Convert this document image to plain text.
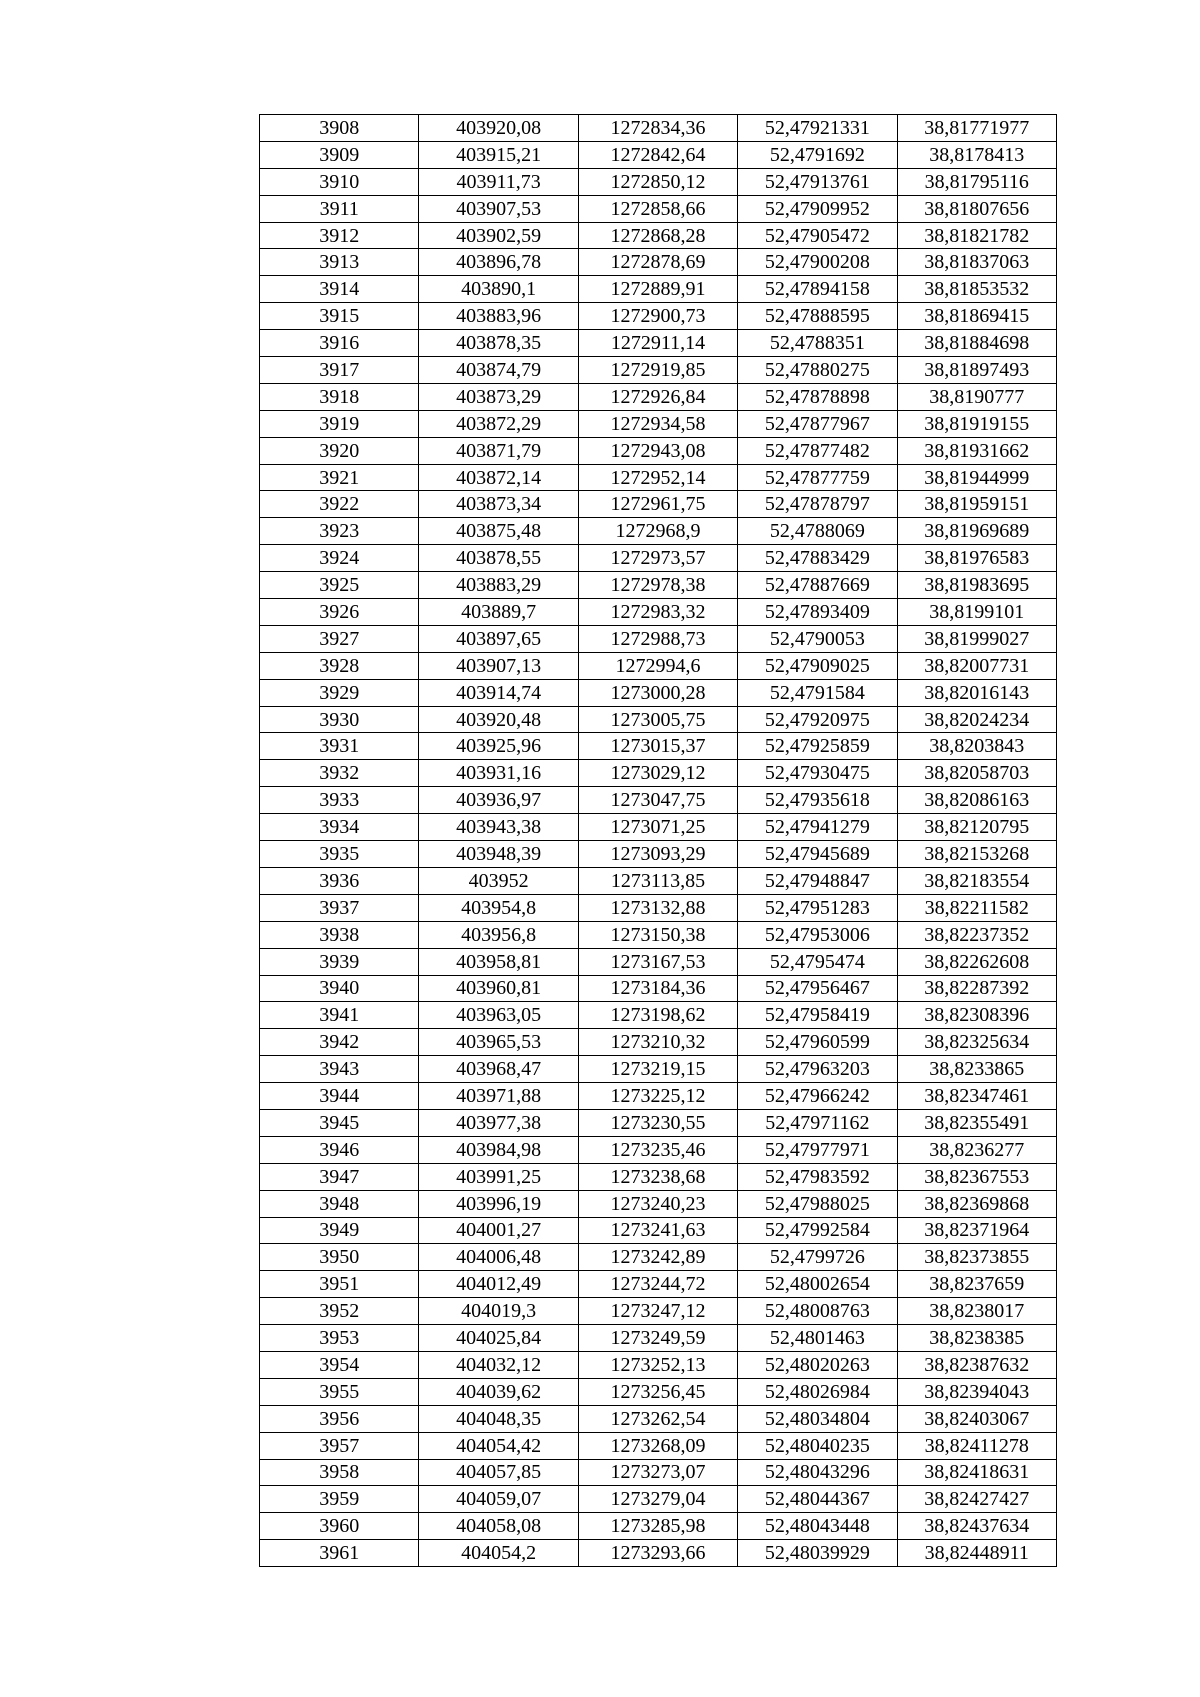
3908	403920,08	1272834,36	52,47921331	38,81771977
3909	403915,21	1272842,64	52,4791692	38,8178413
3910	403911,73	1272850,12	52,47913761	38,81795116
3911	403907,53	1272858,66	52,47909952	38,81807656
3912	403902,59	1272868,28	52,47905472	38,81821782
3913	403896,78	1272878,69	52,47900208	38,81837063
3914	403890,1	1272889,91	52,47894158	38,81853532
3915	403883,96	1272900,73	52,47888595	38,81869415
3916	403878,35	1272911,14	52,4788351	38,81884698
3917	403874,79	1272919,85	52,47880275	38,81897493
3918	403873,29	1272926,84	52,47878898	38,8190777
3919	403872,29	1272934,58	52,47877967	38,81919155
3920	403871,79	1272943,08	52,47877482	38,81931662
3921	403872,14	1272952,14	52,47877759	38,81944999
3922	403873,34	1272961,75	52,47878797	38,81959151
3923	403875,48	1272968,9	52,4788069	38,81969689
3924	403878,55	1272973,57	52,47883429	38,81976583
3925	403883,29	1272978,38	52,47887669	38,81983695
3926	403889,7	1272983,32	52,47893409	38,8199101
3927	403897,65	1272988,73	52,4790053	38,81999027
3928	403907,13	1272994,6	52,47909025	38,82007731
3929	403914,74	1273000,28	52,4791584	38,82016143
3930	403920,48	1273005,75	52,47920975	38,82024234
3931	403925,96	1273015,37	52,47925859	38,8203843
3932	403931,16	1273029,12	52,47930475	38,82058703
3933	403936,97	1273047,75	52,47935618	38,82086163
3934	403943,38	1273071,25	52,47941279	38,82120795
3935	403948,39	1273093,29	52,47945689	38,82153268
3936	403952	1273113,85	52,47948847	38,82183554
3937	403954,8	1273132,88	52,47951283	38,82211582
3938	403956,8	1273150,38	52,47953006	38,82237352
3939	403958,81	1273167,53	52,4795474	38,82262608
3940	403960,81	1273184,36	52,47956467	38,82287392
3941	403963,05	1273198,62	52,47958419	38,82308396
3942	403965,53	1273210,32	52,47960599	38,82325634
3943	403968,47	1273219,15	52,47963203	38,8233865
3944	403971,88	1273225,12	52,47966242	38,82347461
3945	403977,38	1273230,55	52,47971162	38,82355491
3946	403984,98	1273235,46	52,47977971	38,8236277
3947	403991,25	1273238,68	52,47983592	38,82367553
3948	403996,19	1273240,23	52,47988025	38,82369868
3949	404001,27	1273241,63	52,47992584	38,82371964
3950	404006,48	1273242,89	52,4799726	38,82373855
3951	404012,49	1273244,72	52,48002654	38,8237659
3952	404019,3	1273247,12	52,48008763	38,8238017
3953	404025,84	1273249,59	52,4801463	38,8238385
3954	404032,12	1273252,13	52,48020263	38,82387632
3955	404039,62	1273256,45	52,48026984	38,82394043
3956	404048,35	1273262,54	52,48034804	38,82403067
3957	404054,42	1273268,09	52,48040235	38,82411278
3958	404057,85	1273273,07	52,48043296	38,82418631
3959	404059,07	1273279,04	52,48044367	38,82427427
3960	404058,08	1273285,98	52,48043448	38,82437634
3961	404054,2	1273293,66	52,48039929	38,82448911
